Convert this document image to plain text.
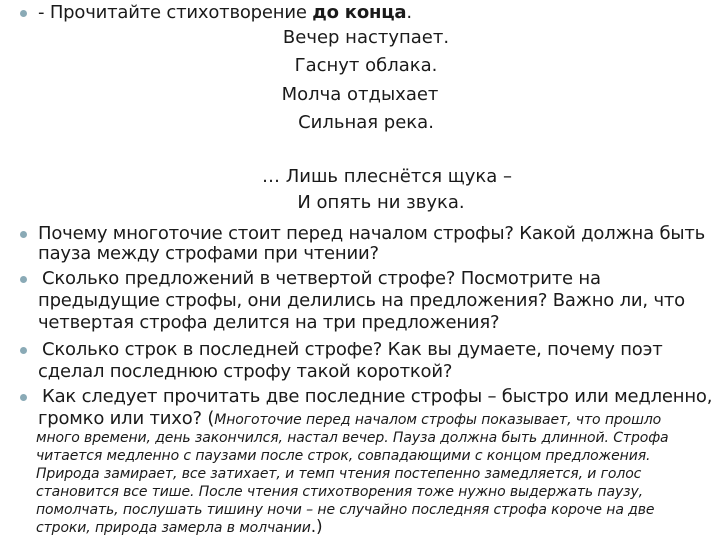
- Прочитайте стихотворение до конца.
Вечер наступает.
Гаснут облака.
Молча отдыхает
Сильная река.
… Лишь плеснётся щука –
И опять ни звука.
Почему многоточие стоит перед началом строфы? Какой должна быть
пауза между строфами при чтении?
Сколько предложений в четвертой строфе? Посмотрите на
предыдущие строфы, они делились на предложения? Важно ли, что
четвертая строфа делится на три предложения?
Сколько строк в последней строфе? Как вы думаете, почему поэт
сделал последнюю строфу такой короткой?
Как следует прочитать две последние строфы – быстро или медленно,
громко или тихо? (Многоточие перед началом строфы показывает, что прошло
много времени, день закончился, настал вечер. Пауза должна быть длинной. Строфа
читается медленно с паузами после строк, совпадающими с концом предложения.
Природа замирает, все затихает, и темп чтения постепенно замедляется, и голос
становится все тише. После чтения стихотворения тоже нужно выдержать паузу,
помолчать, послушать тишину ночи – не случайно последняя строфа короче на две
строки, природа замерла в молчании.)
